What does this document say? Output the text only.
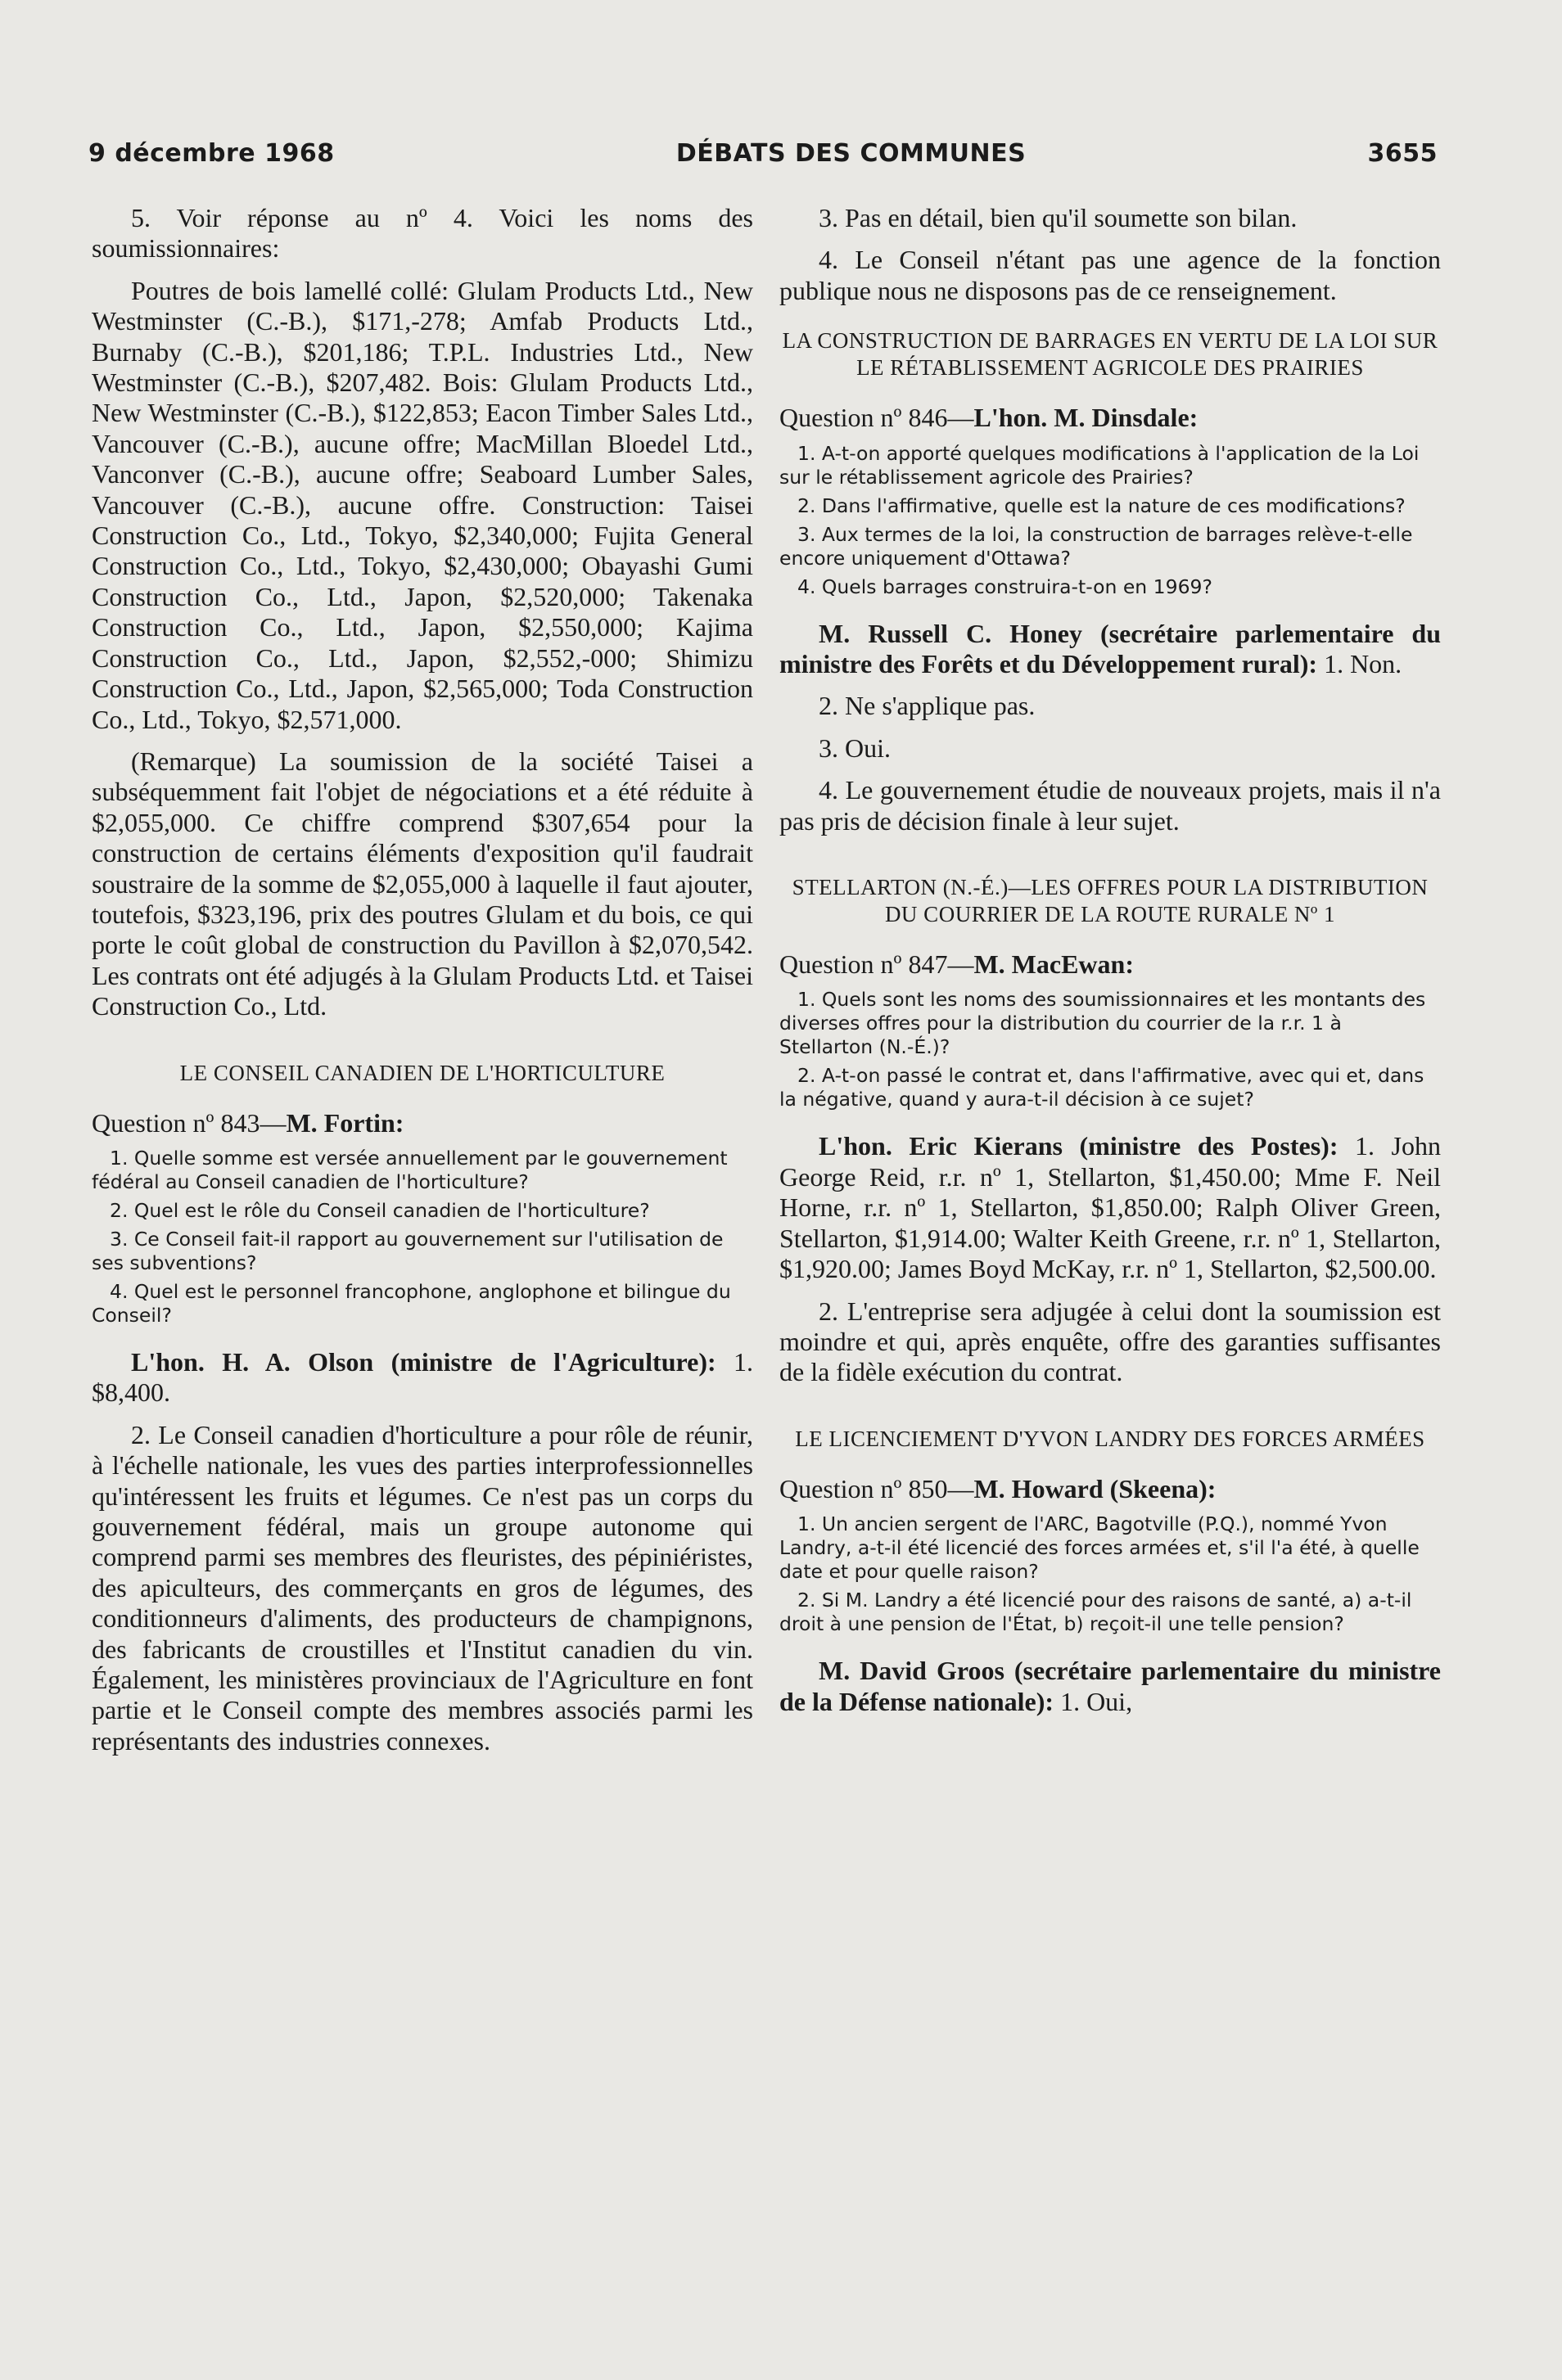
9 décembre 1968	DÉBATS DES COMMUNES	3655

5. Voir réponse au nº 4. Voici les noms des soumissionnaires:

Poutres de bois lamellé collé: Glulam Products Ltd., New Westminster (C.-B.), $171,-278; Amfab Products Ltd., Burnaby (C.-B.), $201,186; T.P.L. Industries Ltd., New Westminster (C.-B.), $207,482. Bois: Glulam Products Ltd., New Westminster (C.-B.), $122,853; Eacon Timber Sales Ltd., Vancouver (C.-B.), aucune offre; MacMillan Bloedel Ltd., Vanconver (C.-B.), aucune offre; Seaboard Lumber Sales, Vancouver (C.-B.), aucune offre. Construction: Taisei Construction Co., Ltd., Tokyo, $2,340,000; Fujita General Construction Co., Ltd., Tokyo, $2,430,000; Obayashi Gumi Construction Co., Ltd., Japon, $2,520,000; Takenaka Construction Co., Ltd., Japon, $2,550,000; Kajima Construction Co., Ltd., Japon, $2,552,-000; Shimizu Construction Co., Ltd., Japon, $2,565,000; Toda Construction Co., Ltd., Tokyo, $2,571,000.

(Remarque) La soumission de la société Taisei a subséquemment fait l'objet de négociations et a été réduite à $2,055,000. Ce chiffre comprend $307,654 pour la construction de certains éléments d'exposition qu'il faudrait soustraire de la somme de $2,055,000 à laquelle il faut ajouter, toutefois, $323,196, prix des poutres Glulam et du bois, ce qui porte le coût global de construction du Pavillon à $2,070,542. Les contrats ont été adjugés à la Glulam Products Ltd. et Taisei Construction Co., Ltd.

LE CONSEIL CANADIEN DE L'HORTICULTURE

Question nº 843—M. Fortin:

1. Quelle somme est versée annuellement par le gouvernement fédéral au Conseil canadien de l'horticulture?

2. Quel est le rôle du Conseil canadien de l'horticulture?

3. Ce Conseil fait-il rapport au gouvernement sur l'utilisation de ses subventions?

4. Quel est le personnel francophone, anglophone et bilingue du Conseil?

L'hon. H. A. Olson (ministre de l'Agriculture): 1. $8,400.

2. Le Conseil canadien d'horticulture a pour rôle de réunir, à l'échelle nationale, les vues des parties interprofessionnelles qu'intéressent les fruits et légumes. Ce n'est pas un corps du gouvernement fédéral, mais un groupe autonome qui comprend parmi ses membres des fleuristes, des pépiniéristes, des apiculteurs, des commerçants en gros de légumes, des conditionneurs d'aliments, des producteurs de champignons, des fabricants de croustilles et l'Institut canadien du vin. Également, les ministères provinciaux de l'Agriculture en font partie et le Conseil compte des membres associés parmi les représentants des industries connexes.

3. Pas en détail, bien qu'il soumette son bilan.

4. Le Conseil n'étant pas une agence de la fonction publique nous ne disposons pas de ce renseignement.

LA CONSTRUCTION DE BARRAGES EN VERTU DE LA LOI SUR LE RÉTABLISSEMENT AGRICOLE DES PRAIRIES

Question nº 846—L'hon. M. Dinsdale:

1. A-t-on apporté quelques modifications à l'application de la Loi sur le rétablissement agricole des Prairies?

2. Dans l'affirmative, quelle est la nature de ces modifications?

3. Aux termes de la loi, la construction de barrages relève-t-elle encore uniquement d'Ottawa?

4. Quels barrages construira-t-on en 1969?

M. Russell C. Honey (secrétaire parlementaire du ministre des Forêts et du Développement rural): 1. Non.

2. Ne s'applique pas.

3. Oui.

4. Le gouvernement étudie de nouveaux projets, mais il n'a pas pris de décision finale à leur sujet.

STELLARTON (N.-É.)—LES OFFRES POUR LA DISTRIBUTION DU COURRIER DE LA ROUTE RURALE Nº 1

Question nº 847—M. MacEwan:

1. Quels sont les noms des soumissionnaires et les montants des diverses offres pour la distribution du courrier de la r.r. 1 à Stellarton (N.-É.)?

2. A-t-on passé le contrat et, dans l'affirmative, avec qui et, dans la négative, quand y aura-t-il décision à ce sujet?

L'hon. Eric Kierans (ministre des Postes): 1. John George Reid, r.r. nº 1, Stellarton, $1,450.00; Mme F. Neil Horne, r.r. nº 1, Stellarton, $1,850.00; Ralph Oliver Green, Stellarton, $1,914.00; Walter Keith Greene, r.r. nº 1, Stellarton, $1,920.00; James Boyd McKay, r.r. nº 1, Stellarton, $2,500.00.

2. L'entreprise sera adjugée à celui dont la soumission est moindre et qui, après enquête, offre des garanties suffisantes de la fidèle exécution du contrat.

LE LICENCIEMENT D'YVON LANDRY DES FORCES ARMÉES

Question nº 850—M. Howard (Skeena):

1. Un ancien sergent de l'ARC, Bagotville (P.Q.), nommé Yvon Landry, a-t-il été licencié des forces armées et, s'il l'a été, à quelle date et pour quelle raison?

2. Si M. Landry a été licencié pour des raisons de santé, a) a-t-il droit à une pension de l'État, b) reçoit-il une telle pension?

M. David Groos (secrétaire parlementaire du ministre de la Défense nationale): 1. Oui,
